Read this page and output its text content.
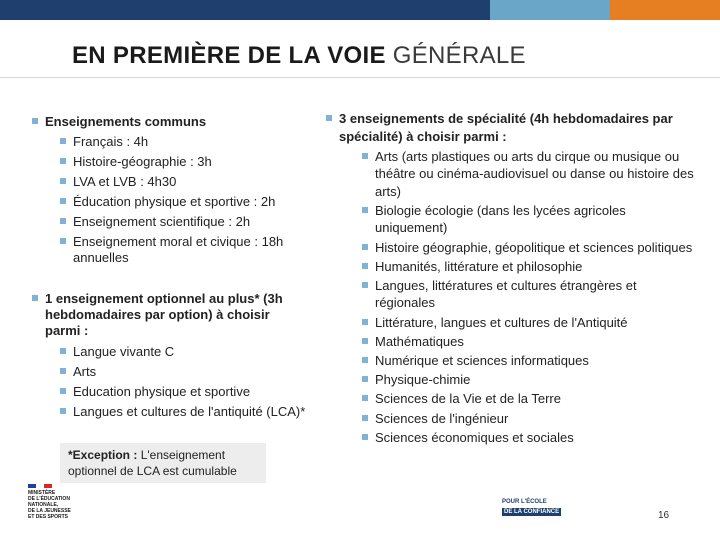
EN PREMIÈRE DE LA VOIE GÉNÉRALE
Enseignements communs
Français : 4h
Histoire-géographie : 3h
LVA et LVB : 4h30
Éducation physique et sportive : 2h
Enseignement scientifique : 2h
Enseignement moral et civique : 18h annuelles
1 enseignement optionnel au plus* (3h hebdomadaires par option) à choisir parmi :
Langue vivante C
Arts
Education physique et sportive
Langues et cultures de l'antiquité (LCA)*
*Exception : L'enseignement optionnel de LCA est cumulable
3 enseignements de spécialité (4h hebdomadaires par spécialité) à choisir parmi :
Arts (arts plastiques ou arts du cirque ou musique ou théâtre ou cinéma-audiovisuel ou danse ou histoire des arts)
Biologie écologie (dans les lycées agricoles uniquement)
Histoire géographie, géopolitique et sciences politiques
Humanités, littérature et philosophie
Langues, littératures et cultures étrangères et régionales
Littérature, langues et cultures de l'Antiquité
Mathématiques
Numérique et sciences informatiques
Physique-chimie
Sciences de la Vie et de la Terre
Sciences de l'ingénieur
Sciences économiques et sociales
MINISTÈRE
DE L'ÉDUCATION
NATIONALE,
DE LA JEUNESSE
ET DES SPORTS
POUR L'ÉCOLE
DE LA CONFIANCE	16
